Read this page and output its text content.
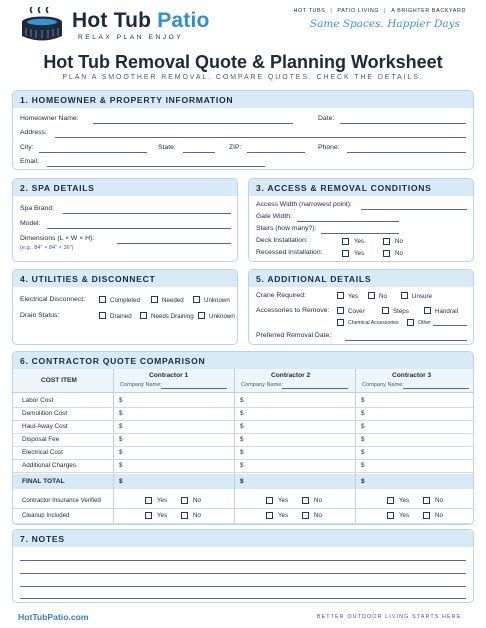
Hot Tub Patio
RELAX PLAN ENJOY
HOT TUBS | PATIO LIVING | A BRIGHTER BACKYARD
Same Spaces. Happier Days
Hot Tub Removal Quote & Planning Worksheet
PLAN A SMOOTHER REMOVAL. COMPARE QUOTES. CHECK THE DETAILS.
1. HOMEOWNER & PROPERTY INFORMATION
Homeowner Name:	Date:
Address:
City:	State:	ZIP:	Phone:
Email:
2. SPA DETAILS
Spa Brand:
Model:
Dimensions (L × W × H):
(e.g., 84" × 84" × 36")
3. ACCESS & REMOVAL CONDITIONS
Access Width (narrowest point):
Gate Width:
Stairs (how many?):
Deck Installation:	Yes	No
Recessed Installation:	Yes	No
4. UTILITIES & DISCONNECT
Electrical Disconnect:	Completed	Needed	Unknown
Drain Status:	Drained	Needs Draining Unknown
5. ADDITIONAL DETAILS
Crane Required:	Yes	No	Unsure
Accessories to Remove:	Cover	Steps	Handrail
Chemical Accessories	Other
Preferred Removal Date:
6. CONTRACTOR QUOTE COMPARISON
COST ITEM
Contractor 1
Company Name:
Contractor 2
Company Name:
Contractor 3
Company Name:
Labor Cost	$	$	$
Demolition Cost	$	$	$
Haul-Away Cost	$	$	$
Disposal Fee	$	$	$
Electrical Cost	$	$	$
Additional Charges	$	$	$
FINAL TOTAL	$	$	$
Contractor Insurance Verified	Yes	No	Yes	No	Yes	No
Cleanup Included	Yes	No	Yes	No	Yes	No
7. NOTES
HotTubPatio.com	BETTER OUTDOOR LIVING STARTS HERE.
